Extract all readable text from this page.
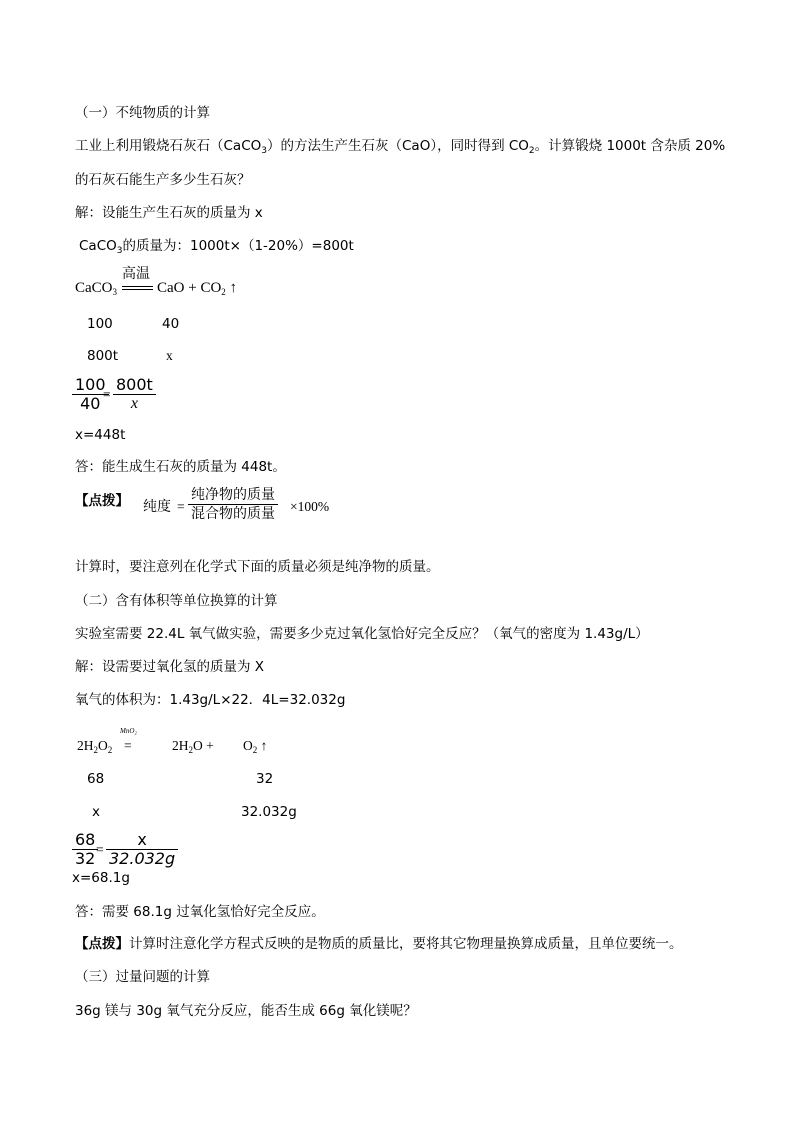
（一）不纯物质的计算
工业上利用锻烧石灰石（CaCO$_3$）的方法生产生石灰（CaO），同时得到 $CO_2$。计算锻烧 1000t 含杂质 20%
的石灰石能生产多少生石灰？
解：设能生产生石灰的质量为 x
CaCO$_3$的质量为：1000t×（1-20%）=800t
CaCO$_3$
高温
CaO + $CO_2$ ↑
100	40
800t	x
100
40 =
800t
x
x=448t
答：能生成生石灰的质量为 448t。
【点拨】 纯度 =
纯净物的质量
混合物的质量 ×100%
计算时，要注意列在化学式下面的质量必须是纯净物的质量。
（二）含有体积等单位换算的计算
实验室需要 22.4L 氧气做实验，需要多少克过氧化氢恰好完全反应？（氧气的密度为 1.43g/L）
解：设需要过氧化氢的质量为 X
氧气的体积为：1.43g/L×22．4L=32.032g
$2H_2O_2$
MnO₂
=	$2H_2O + O_2$ ↑
68	32
x	32.032g
68
32 =
x
32.032g
x=68.1g
答：需要 68.1g 过氧化氢恰好完全反应。
【点拨】计算时注意化学方程式反映的是物质的质量比，要将其它物理量换算成质量，且单位要统一。
（三）过量问题的计算
36g 镁与 30g 氧气充分反应，能否生成 66g 氧化镁呢？
